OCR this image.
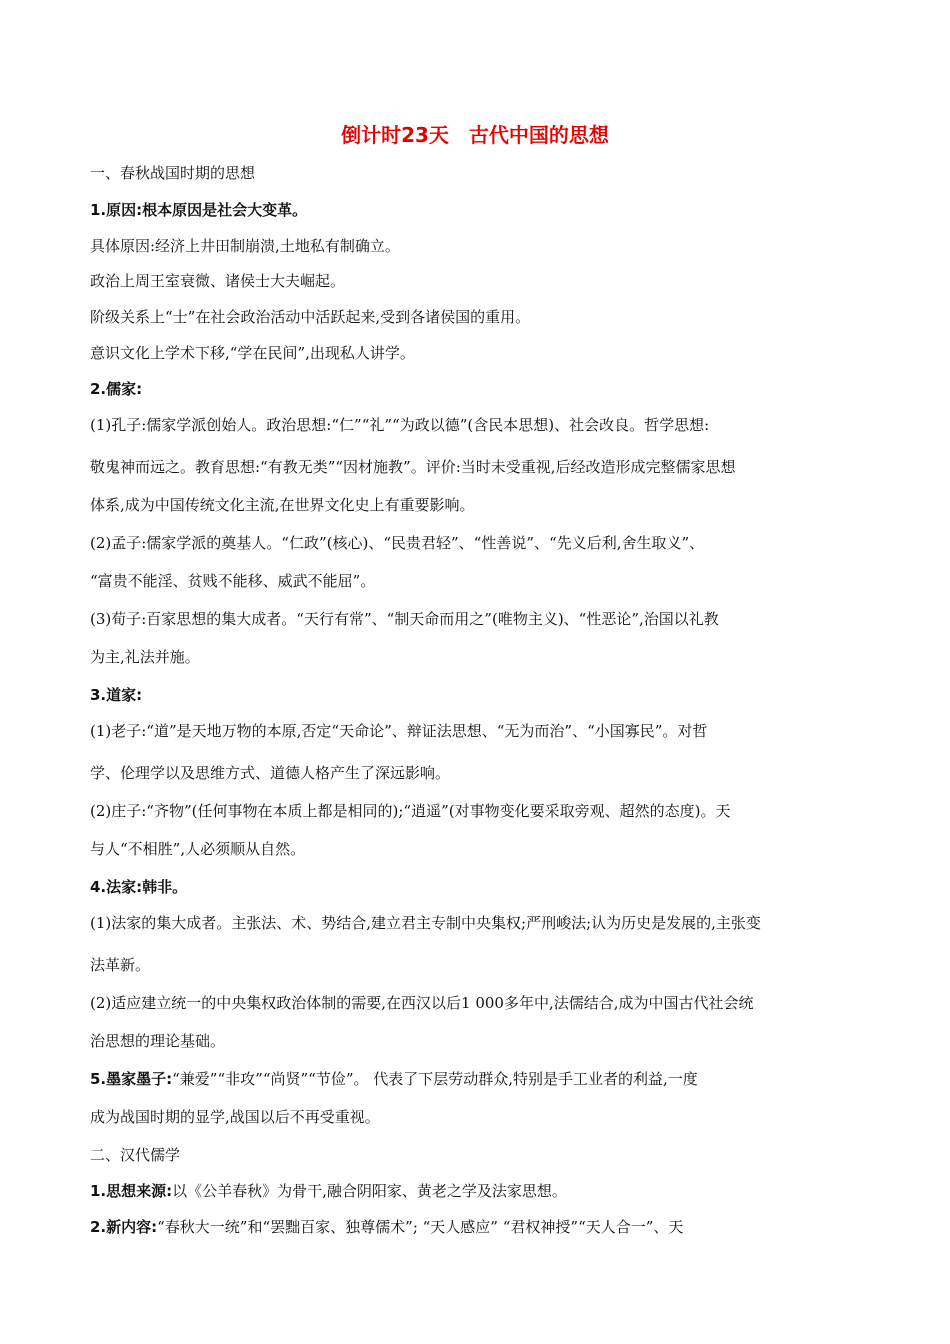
倒计时23天　古代中国的思想
一、春秋战国时期的思想
1.原因:根本原因是社会大变革。
具体原因:经济上井田制崩溃,土地私有制确立。
政治上周王室衰微、诸侯士大夫崛起。
阶级关系上“士”在社会政治活动中活跃起来,受到各诸侯国的重用。
意识文化上学术下移,“学在民间”,出现私人讲学。
2.儒家:
(1)孔子:儒家学派创始人。政治思想:“仁”“礼”“为政以德”(含民本思想)、社会改良。哲学思想:
敬鬼神而远之。教育思想:“有教无类”“因材施教”。评价:当时未受重视,后经改造形成完整儒家思想
体系,成为中国传统文化主流,在世界文化史上有重要影响。
(2)孟子:儒家学派的奠基人。“仁政”(核心)、“民贵君轻”、“性善说”、“先义后利,舍生取义”、
“富贵不能淫、贫贱不能移、威武不能屈”。
(3)荀子:百家思想的集大成者。“天行有常”、“制天命而用之”(唯物主义)、“性恶论”,治国以礼教
为主,礼法并施。
3.道家:
(1)老子:“道”是天地万物的本原,否定“天命论”、辩证法思想、“无为而治”、“小国寡民”。对哲
学、伦理学以及思维方式、道德人格产生了深远影响。
(2)庄子:“齐物”(任何事物在本质上都是相同的);“逍遥”(对事物变化要采取旁观、超然的态度)。天
与人“不相胜”,人必须顺从自然。
4.法家:韩非。
(1)法家的集大成者。主张法、术、势结合,建立君主专制中央集权;严刑峻法;认为历史是发展的,主张变
法革新。
(2)适应建立统一的中央集权政治体制的需要,在西汉以后1 000多年中,法儒结合,成为中国古代社会统
治思想的理论基础。
5.墨家墨子:“兼爱”“非攻”“尚贤”“节俭”。 代表了下层劳动群众,特别是手工业者的利益,一度
成为战国时期的显学,战国以后不再受重视。
二、汉代儒学
1.思想来源:以《公羊春秋》为骨干,融合阴阳家、黄老之学及法家思想。
2.新内容:“春秋大一统”和“罢黜百家、独尊儒术”; “天人感应” “君权神授”“天人合一”、天
